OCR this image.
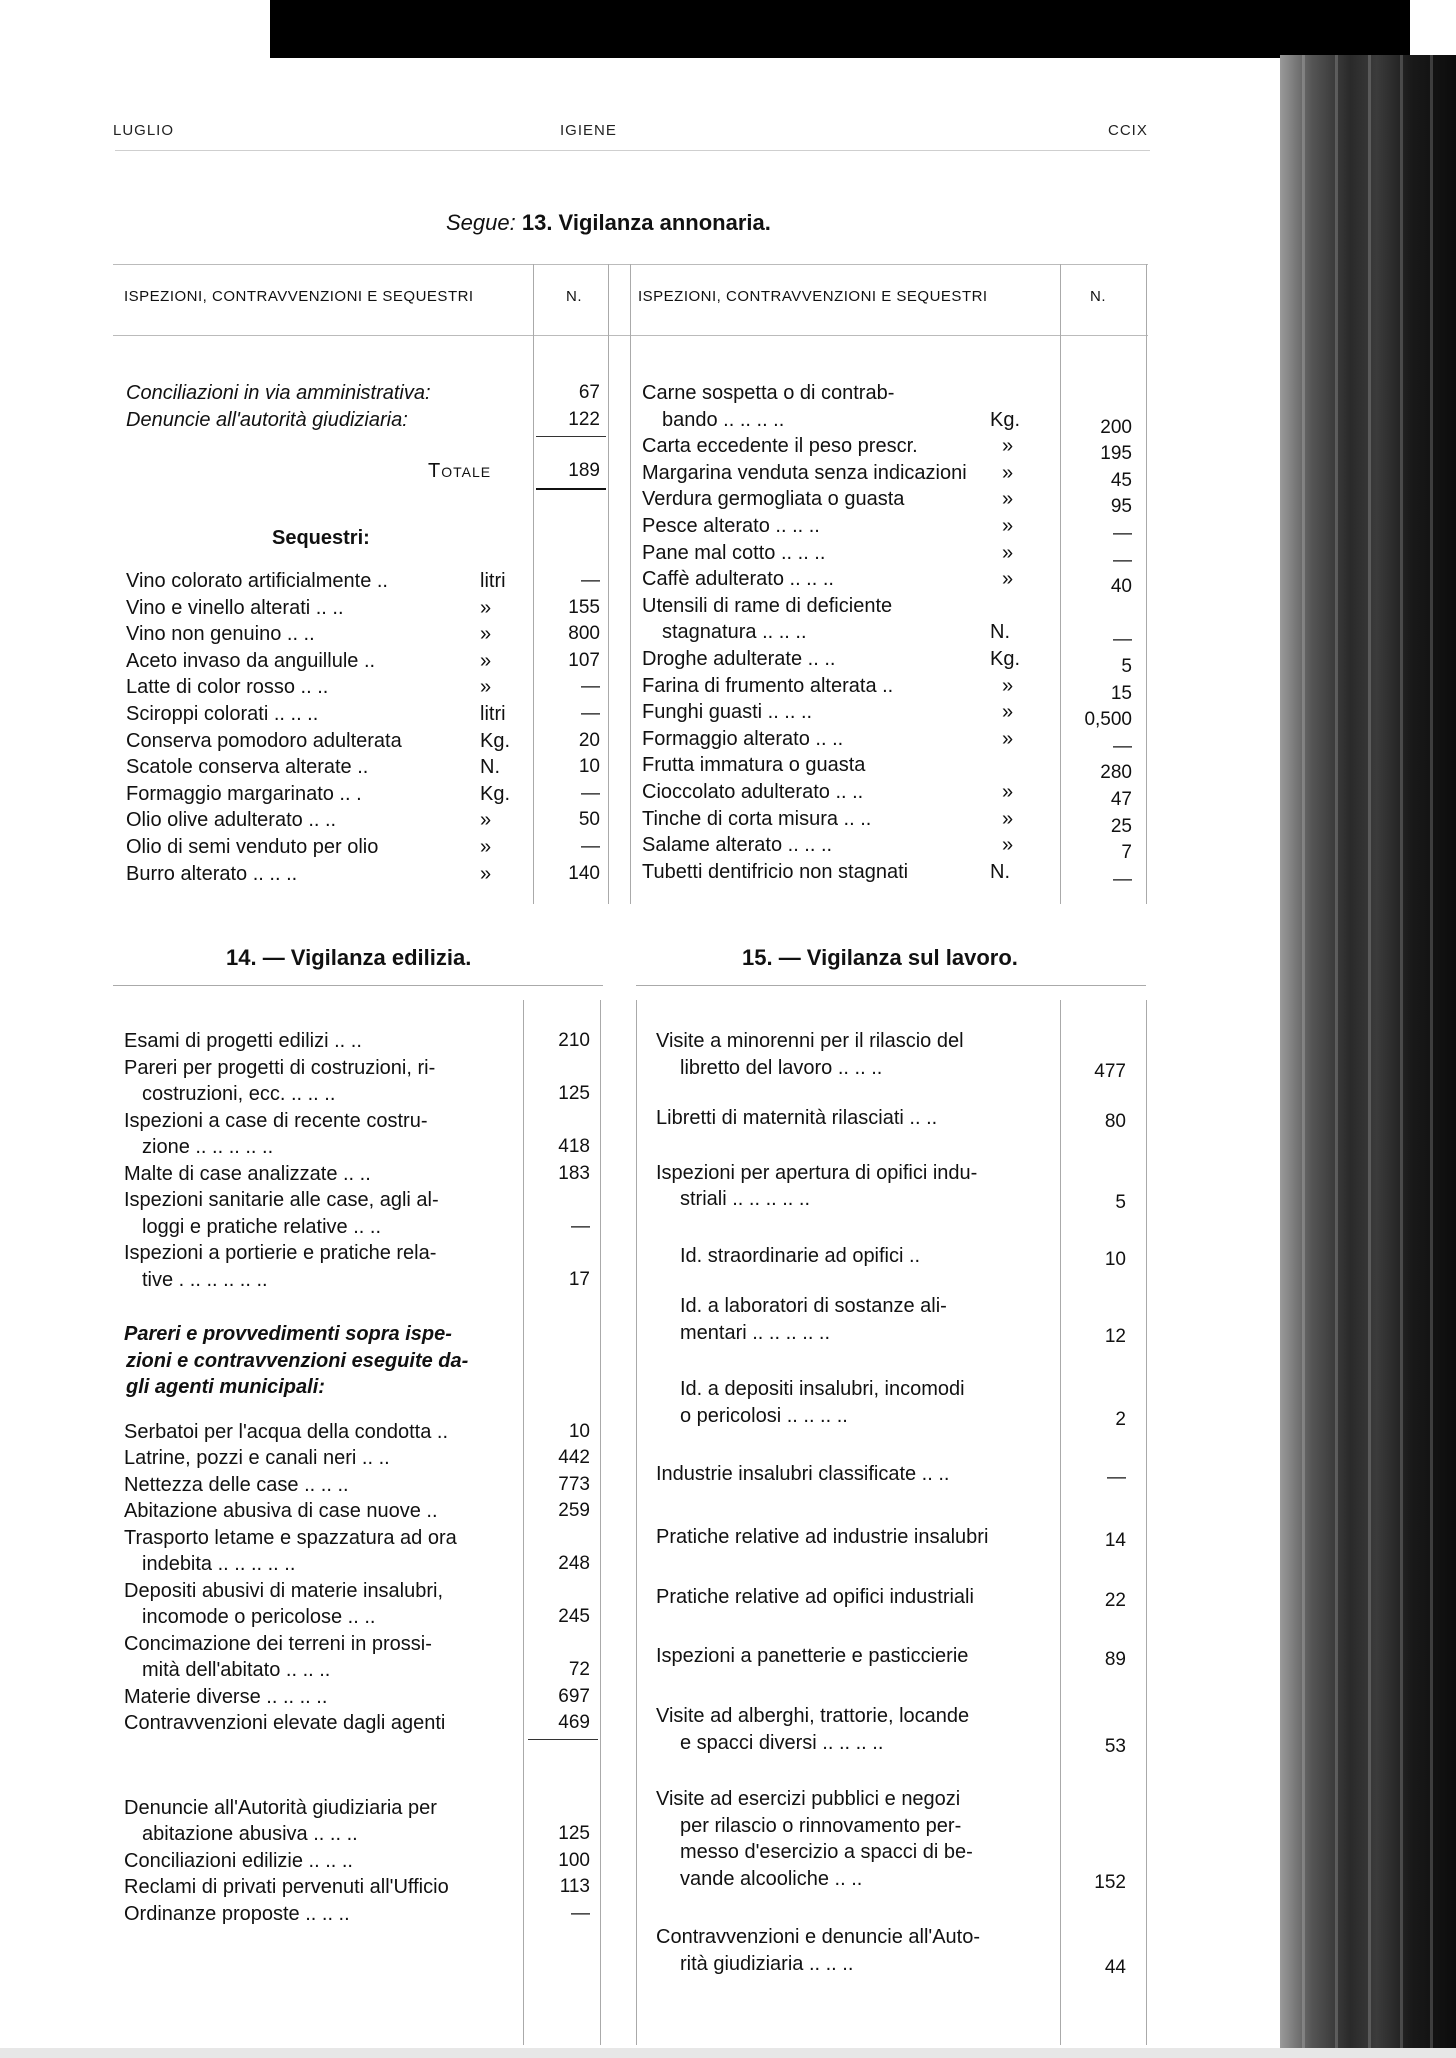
LUGLIO	IGIENE	CCIX
Segue: 13. Vigilanza annonaria.
ISPEZIONI, CONTRAVVENZIONI E SEQUESTRI	N.	ISPEZIONI, CONTRAVVENZIONI E SEQUESTRI	N.
Conciliazioni in via amministrativa:	67
Denuncie all'autorità giudiziaria:	122
Totale	189
Sequestri:
Vino colorato artificialmente ..	litri	—
Vino e vinello alterati .. ..	»	155
Vino non genuino .. ..	»	800
Aceto invaso da anguillule ..	»	107
Latte di color rosso .. ..	»	—
Sciroppi colorati .. .. ..	litri	—
Conserva pomodoro adulterata	Kg.	20
Scatole conserva alterate ..	N.	10
Formaggio margarinato .. .	Kg.	—
Olio olive adulterato .. ..	»	50
Olio di semi venduto per olio	»	—
Burro alterato .. .. ..	»	140
Carne sospetta o di contrab-
bando .. .. .. ..	Kg.	200
Carta eccedente il peso prescr.	»	195
Margarina venduta senza indicazioni »	45
Verdura germogliata o guasta	»	95
Pesce alterato .. .. ..	»	—
Pane mal cotto .. .. ..	»	—
Caffè adulterato .. .. ..	»	40
Utensili di rame di deficiente
stagnatura .. .. ..	N.	—
Droghe adulterate .. ..	Kg.	5
Farina di frumento alterata ..	»	15
Funghi guasti .. .. ..	»	0,500
Formaggio alterato .. ..	»	—
Frutta immatura o guasta	280
Cioccolato adulterato .. ..	»	47
Tinche di corta misura .. ..	»	25
Salame alterato .. .. ..	»	7
Tubetti dentifricio non stagnati	N.	—
14. — Vigilanza edilizia.	15. — Vigilanza sul lavoro.
Esami di progetti edilizi .. ..	210
Pareri per progetti di costruzioni, ri-
costruzioni, ecc. .. .. ..	125
Ispezioni a case di recente costru-
zione .. .. .. .. ..	418
Malte di case analizzate .. ..	183
Ispezioni sanitarie alle case, agli al-
loggi e pratiche relative .. ..	—
Ispezioni a portierie e pratiche rela-
tive . .. .. .. .. ..	17
Pareri e provvedimenti sopra ispe-
zioni e contravvenzioni eseguite da-
gli agenti municipali:
Serbatoi per l'acqua della condotta ..	10
Latrine, pozzi e canali neri .. ..	442
Nettezza delle case .. .. ..	773
Abitazione abusiva di case nuove ..	259
Trasporto letame e spazzatura ad ora
indebita .. .. .. .. ..	248
Depositi abusivi di materie insalubri,
incomode o pericolose .. ..	245
Concimazione dei terreni in prossi-
mità dell'abitato .. .. ..	72
Materie diverse .. .. .. ..	697
Contravvenzioni elevate dagli agenti	469
Denuncie all'Autorità giudiziaria per
abitazione abusiva .. .. ..	125
Conciliazioni edilizie .. .. ..	100
Reclami di privati pervenuti all'Ufficio	113
Ordinanze proposte .. .. ..	—
Visite a minorenni per il rilascio del
libretto del lavoro .. .. ..	477
Libretti di maternità rilasciati .. ..	80
Ispezioni per apertura di opifici indu-
striali .. .. .. .. ..	5
Id. straordinarie ad opifici ..	10
Id. a laboratori di sostanze ali-
mentari .. .. .. .. ..	12
Id. a depositi insalubri, incomodi
o pericolosi .. .. .. ..	2
Industrie insalubri classificate .. ..	—
Pratiche relative ad industrie insalubri	14
Pratiche relative ad opifici industriali	22
Ispezioni a panetterie e pasticcierie	89
Visite ad alberghi, trattorie, locande
e spacci diversi .. .. .. ..	53
Visite ad esercizi pubblici e negozi
per rilascio o rinnovamento per-
messo d'esercizio a spacci di be-
vande alcooliche .. ..	152
Contravvenzioni e denuncie all'Auto-
rità giudiziaria .. .. ..	44
